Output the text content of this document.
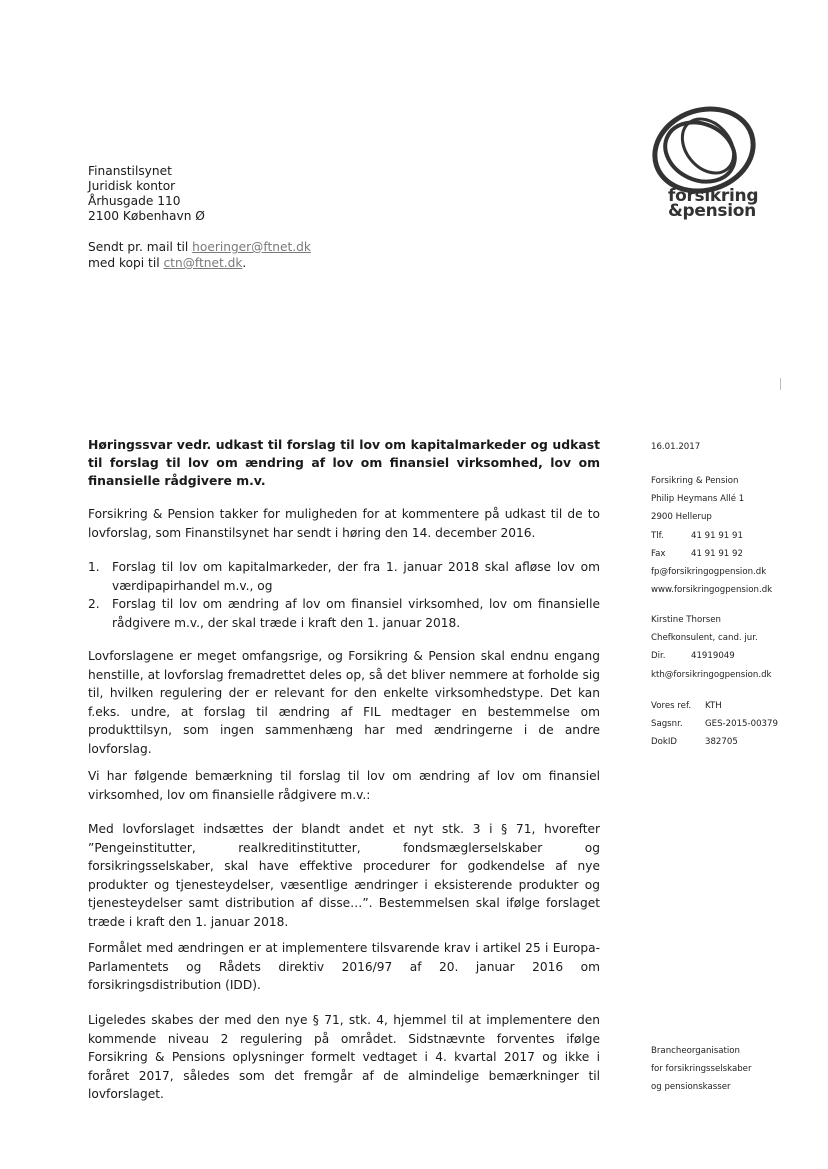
Finanstilsynet
Juridisk kontor
Århusgade 110
2100 København Ø
Sendt pr. mail til hoeringer@ftnet.dk
med kopi til ctn@ftnet.dk.
forsikring
&pension
Høringssvar vedr. udkast til forslag til lov om kapitalmarkeder og udkast til forslag til lov om ændring af lov om finansiel virksomhed, lov om finansielle rådgivere m.v.

Forsikring & Pension takker for muligheden for at kommentere på udkast til de to lovforslag, som Finanstilsynet har sendt i høring den 14. december 2016.

1. Forslag til lov om kapitalmarkeder, der fra 1. januar 2018 skal afløse lov om værdipapirhandel m.v., og
2. Forslag til lov om ændring af lov om finansiel virksomhed, lov om finansielle rådgivere m.v., der skal træde i kraft den 1. januar 2018.

Lovforslagene er meget omfangsrige, og Forsikring & Pension skal endnu engang henstille, at lovforslag fremadrettet deles op, så det bliver nemmere at forholde sig til, hvilken regulering der er relevant for den enkelte virksomhedstype. Det kan f.eks. undre, at forslag til ændring af FIL medtager en bestemmelse om produkttilsyn, som ingen sammenhæng har med ændringerne i de andre lovforslag.

Vi har følgende bemærkning til forslag til lov om ændring af lov om finansiel virksomhed, lov om finansielle rådgivere m.v.:

Med lovforslaget indsættes der blandt andet et nyt stk. 3 i § 71, hvorefter ”Pengeinstitutter, realkreditinstitutter, fondsmæglerselskaber og forsikringsselskaber, skal have effektive procedurer for godkendelse af nye produkter og tjenesteydelser, væsentlige ændringer i eksisterende produkter og tjenesteydelser samt distribution af disse…”. Bestemmelsen skal ifølge forslaget træde i kraft den 1. januar 2018.

Formålet med ændringen er at implementere tilsvarende krav i artikel 25 i Europa-Parlamentets og Rådets direktiv 2016/97 af 20. januar 2016 om forsikringsdistribution (IDD).

Ligeledes skabes der med den nye § 71, stk. 4, hjemmel til at implementere den kommende niveau 2 regulering på området. Sidstnævnte forventes ifølge Forsikring & Pensions oplysninger formelt vedtaget i 4. kvartal 2017 og ikke i foråret 2017, således som det fremgår af de almindelige bemærkninger til lovforslaget.

16.01.2017
Forsikring & Pension
Philip Heymans Allé 1
2900 Hellerup
Tlf.	41 91 91 91
Fax	41 91 91 92
fp@forsikringogpension.dk
www.forsikringogpension.dk
Kirstine Thorsen
Chefkonsulent, cand. jur.
Dir.	41919049
kth@forsikringogpension.dk
Vores ref.	KTH
Sagsnr.	GES-2015-00379
DokID	382705
Brancheorganisation
for forsikringsselskaber
og pensionskasser
